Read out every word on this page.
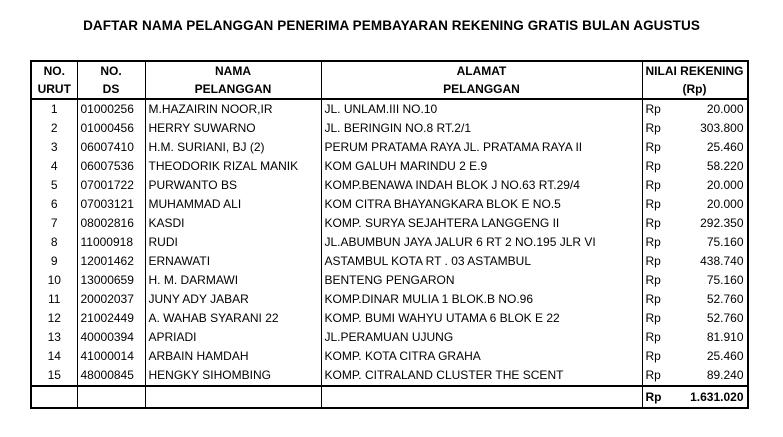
DAFTAR NAMA PELANGGAN PENERIMA PEMBAYARAN REKENING GRATIS BULAN AGUSTUS
NO.	NO.	NAMA	ALAMAT	NILAI REKENING	
URUT	DS	PELANGGAN	PELANGGAN	(Rp)	
1	01000256	M.HAZAIRIN NOOR,IR	JL. UNLAM.III NO.10	Rp	20.000
2	01000456	HERRY SUWARNO	JL. BERINGIN NO.8 RT.2/1	Rp	303.800
3	06007410	H.M. SURIANI, BJ (2)	PERUM PRATAMA RAYA JL. PRATAMA RAYA II	Rp	25.460
4	06007536	THEODORIK RIZAL MANIK	KOM GALUH MARINDU 2 E.9	Rp	58.220
5	07001722	PURWANTO BS	KOMP.BENAWA INDAH BLOK J NO.63 RT.29/4	Rp	20.000
6	07003121	MUHAMMAD ALI	KOM CITRA BHAYANGKARA BLOK E NO.5	Rp	20.000
7	08002816	KASDI	KOMP. SURYA SEJAHTERA LANGGENG II	Rp	292.350
8	11000918	RUDI	JL.ABUMBUN JAYA JALUR 6 RT 2 NO.195 JLR VI	Rp	75.160
9	12001462	ERNAWATI	ASTAMBUL KOTA RT . 03 ASTAMBUL	Rp	438.740
10	13000659	H. M. DARMAWI	BENTENG PENGARON	Rp	75.160
11	20002037	JUNY ADY JABAR	KOMP.DINAR MULIA 1 BLOK.B NO.96	Rp	52.760
12	21002449	A. WAHAB SYARANI 22	KOMP. BUMI WAHYU UTAMA 6 BLOK E 22	Rp	52.760
13	40000394	APRIADI	JL.PERAMUAN UJUNG	Rp	81.910
14	41000014	ARBAIN HAMDAH	KOMP. KOTA CITRA GRAHA	Rp	25.460
15	48000845	HENGKY SIHOMBING	KOMP. CITRALAND CLUSTER THE SCENT	Rp	89.240
				Rp	1.631.020
